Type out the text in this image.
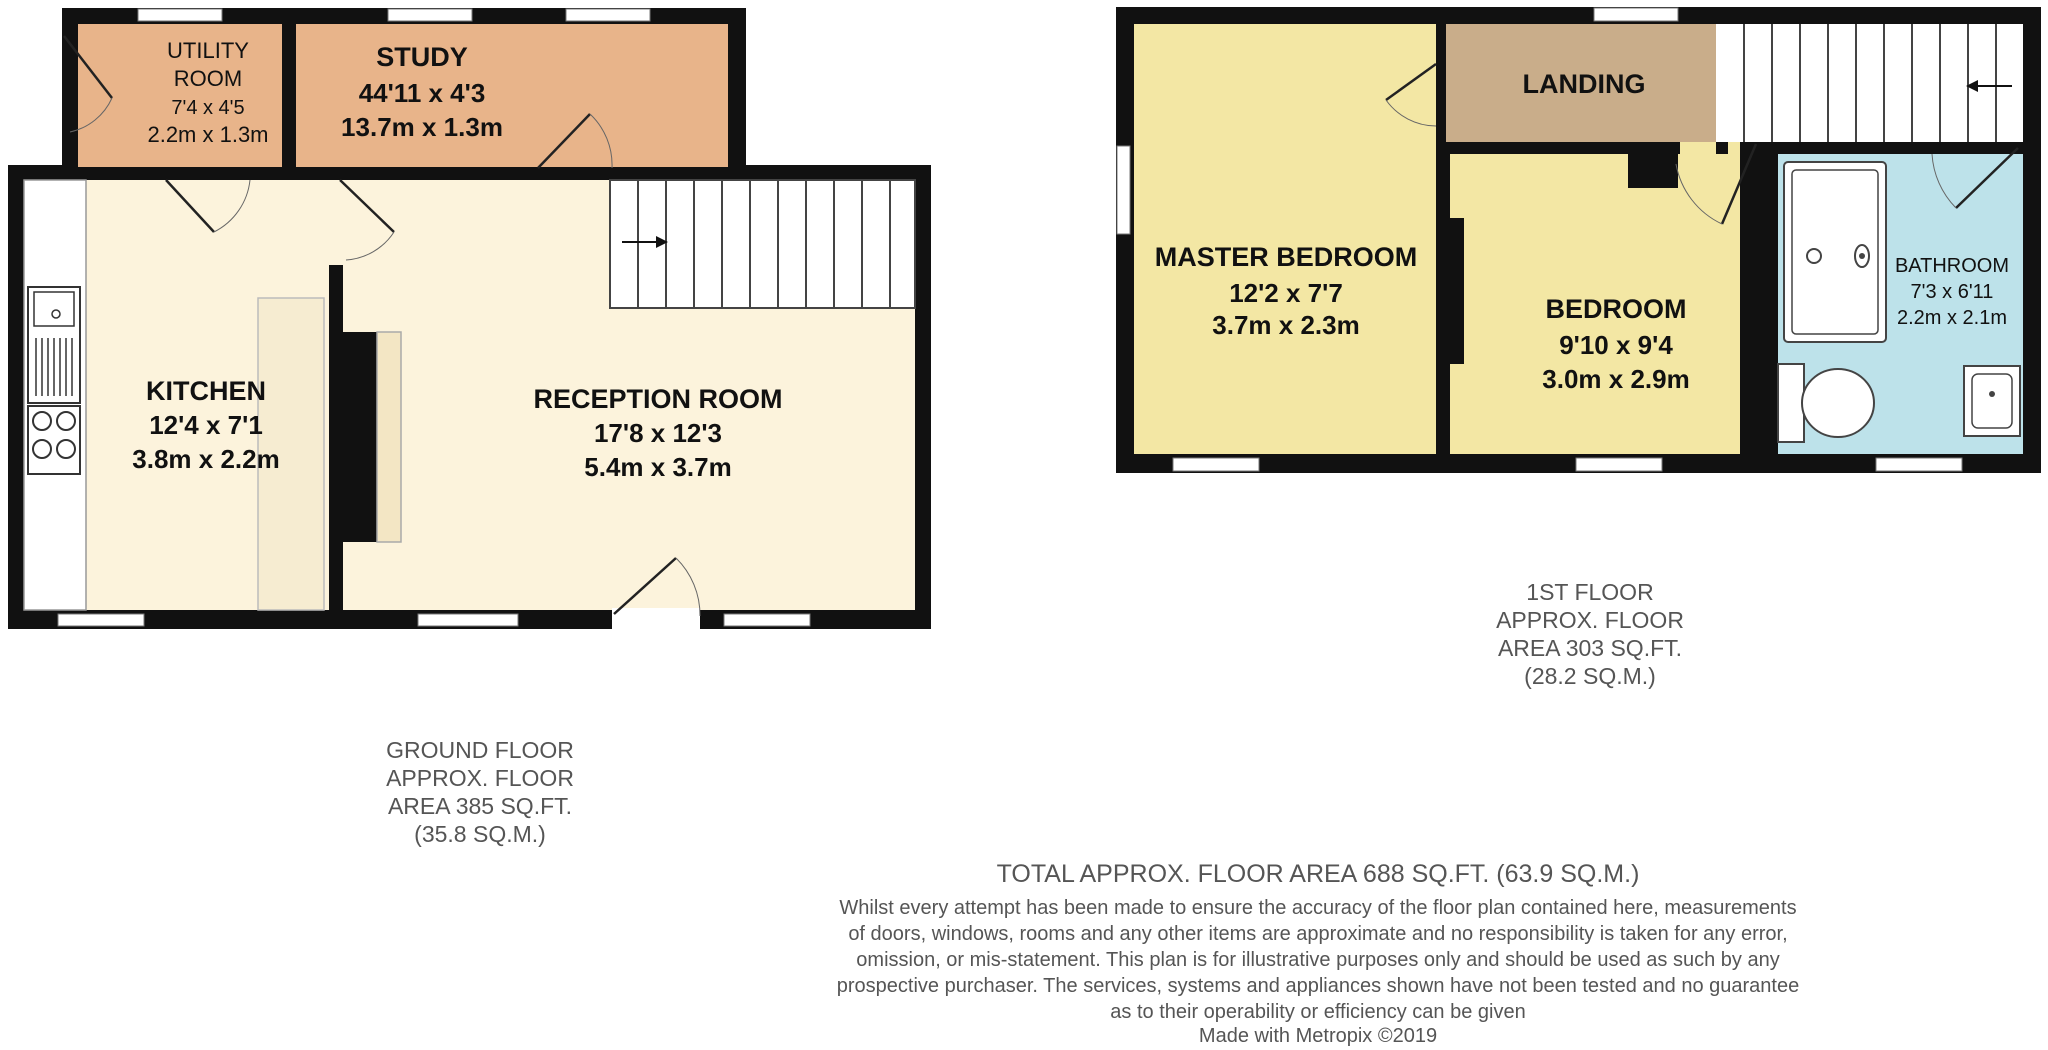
UTILITY
ROOM
7'4 x 4'5
2.2m x 1.3m
STUDY
44'11 x 4'3
13.7m x 1.3m
KITCHEN
12'4 x 7'1
3.8m x 2.2m
RECEPTION ROOM
17'8 x 12'3
5.4m x 3.7m
GROUND FLOOR
APPROX. FLOOR
AREA 385 SQ.FT.
(35.8 SQ.M.)
MASTER BEDROOM
12'2 x 7'7
3.7m x 2.3m
LANDING
BEDROOM
9'10 x 9'4
3.0m x 2.9m
BATHROOM
7'3 x 6'11
2.2m x 2.1m
1ST FLOOR
APPROX. FLOOR
AREA 303 SQ.FT.
(28.2 SQ.M.)
TOTAL APPROX. FLOOR AREA 688 SQ.FT. (63.9 SQ.M.)
Whilst every attempt has been made to ensure the accuracy of the floor plan contained here, measurements
of doors, windows, rooms and any other items are approximate and no responsibility is taken for any error,
omission, or mis-statement. This plan is for illustrative purposes only and should be used as such by any
prospective purchaser. The services, systems and appliances shown have not been tested and no guarantee
as to their operability or efficiency can be given
Made with Metropix ©2019
